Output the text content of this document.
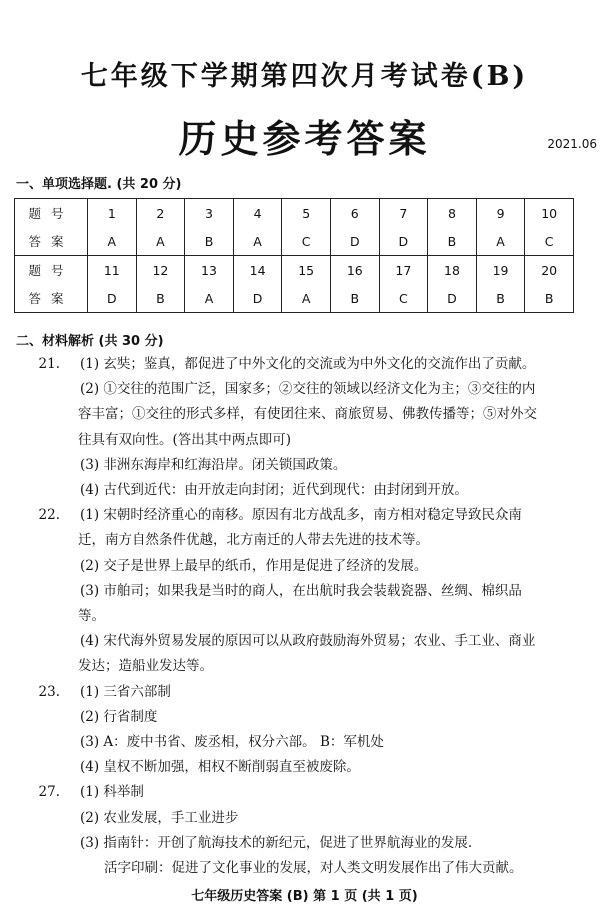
七年级下学期第四次月考试卷(B)
历史参考答案	2021.06
一、单项选择题. (共 20 分)
题号	1	2	3	4	5	6	7	8	9	10
答案	A	A	B	A	C	D	D	B	A	C
题号	11	12	13	14	15	16	17	18	19	20
答案	D	B	A	D	A	B	C	D	B	B
二、材料解析 (共 30 分)
21. (1) 玄奘；鉴真，都促进了中外文化的交流或为中外文化的交流作出了贡献。
(2) ①交往的范围广泛，国家多；②交往的领域以经济文化为主；③交往的内
容丰富；①交往的形式多样，有使团往来、商旅贸易、佛教传播等；⑤对外交
往具有双向性。(答出其中两点即可)
(3) 非洲东海岸和红海沿岸。闭关锁国政策。
(4) 古代到近代：由开放走向封闭；近代到现代：由封闭到开放。
22. (1) 宋朝时经济重心的南移。原因有北方战乱多，南方相对稳定导致民众南
迁，南方自然条件优越，北方南迁的人带去先进的技术等。
(2) 交子是世界上最早的纸币，作用是促进了经济的发展。
(3) 市舶司；如果我是当时的商人，在出航时我会装载瓷器、丝绸、棉织品
等。
(4) 宋代海外贸易发展的原因可以从政府鼓励海外贸易；农业、手工业、商业
发达；造船业发达等。
23. (1) 三省六部制
(2) 行省制度
(3) A：废中书省、废丞相，权分六部。 B：军机处
(4) 皇权不断加强，相权不断削弱直至被废除。
27. (1) 科举制
(2) 农业发展，手工业进步
(3) 指南针：开创了航海技术的新纪元，促进了世界航海业的发展.
活字印刷：促进了文化事业的发展，对人类文明发展作出了伟大贡献。
七年级历史答案 (B) 第 1 页 (共 1 页)
